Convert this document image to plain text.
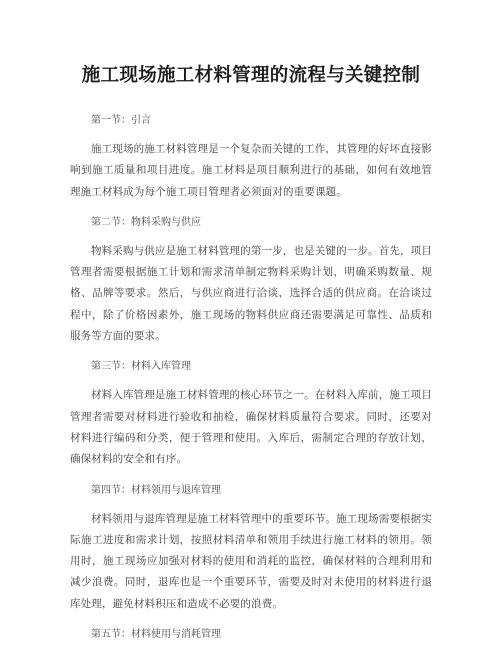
施工现场施工材料管理的流程与关键控制

第一节：引言

施工现场的施工材料管理是一个复杂而关键的工作，其管理的好坏直接影响到施工质量和项目进度。施工材料是项目顺利进行的基础，如何有效地管理施工材料成为每个施工项目管理者必须面对的重要课题。

第二节：物料采购与供应

物料采购与供应是施工材料管理的第一步，也是关键的一步。首先，项目管理者需要根据施工计划和需求清单制定物料采购计划，明确采购数量、规格、品牌等要求。然后，与供应商进行洽谈，选择合适的供应商。在洽谈过程中，除了价格因素外，施工现场的物料供应商还需要满足可靠性、品质和服务等方面的要求。

第三节：材料入库管理

材料入库管理是施工材料管理的核心环节之一。在材料入库前，施工项目管理者需要对材料进行验收和抽检，确保材料质量符合要求。同时，还要对材料进行编码和分类，便于管理和使用。入库后，需制定合理的存放计划，确保材料的安全和有序。

第四节：材料领用与退库管理

材料领用与退库管理是施工材料管理中的重要环节。施工现场需要根据实际施工进度和需求计划，按照材料清单和领用手续进行施工材料的领用。领用时，施工现场应加强对材料的使用和消耗的监控，确保材料的合理利用和减少浪费。同时，退库也是一个重要环节，需要及时对未使用的材料进行退库处理，避免材料积压和造成不必要的浪费。

第五节：材料使用与消耗管理
